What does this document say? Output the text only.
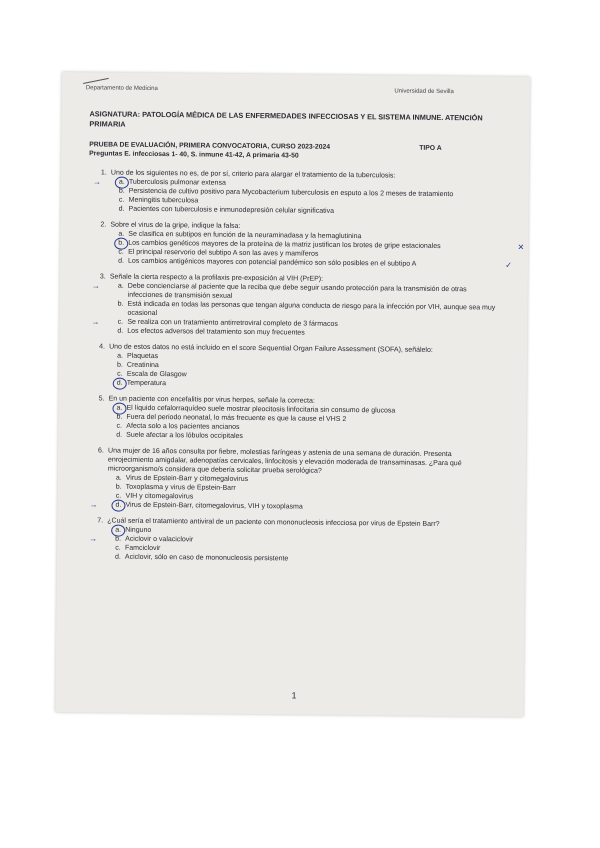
Departamento de Medicina	Universidad de Sevilla
ASIGNATURA: PATOLOGÍA MÉDICA DE LAS ENFERMEDADES INFECCIOSAS Y EL SISTEMA INMUNE. ATENCIÓN PRIMARIA
PRUEBA DE EVALUACIÓN, PRIMERA CONVOCATORIA, CURSO 2023-2024	TIPO A
Preguntas E. infecciosas 1- 40, S. inmune 41-42, A primaria 43-50
1. Uno de los siguientes no es, de por sí, criterio para alargar el tratamiento de la tuberculosis:
→	a. Tuberculosis pulmonar extensa
b. Persistencia de cultivo positivo para Mycobacterium tuberculosis en esputo a los 2 meses de tratamiento
c. Meningitis tuberculosa
d. Pacientes con tuberculosis e inmunodepresión celular significativa
2. Sobre el virus de la gripe, indique la falsa:
a. Se clasifica en subtipos en función de la neuraminadasa y la hemaglutinina
b. Los cambios genéticos mayores de la proteína de la matriz justifican los brotes de gripe estacionales	✕
c. El principal reservorio del subtipo A son las aves y mamíferos
d. Los cambios antigénicos mayores con potencial pandémico son sólo posibles en el subtipo A	✓
3. Señale la cierta respecto a la profilaxis pre-exposición al VIH (PrEP):
→	a. Debe concienciarse al paciente que la reciba que debe seguir usando protección para la transmisión de otras infecciones de transmisión sexual
b. Está indicada en todas las personas que tengan alguna conducta de riesgo para la infección por VIH, aunque sea muy ocasional
→	c. Se realiza con un tratamiento antirretroviral completo de 3 fármacos
d. Los efectos adversos del tratamiento son muy frecuentes
4. Uno de estos datos no está incluido en el score Sequential Organ Failure Assessment (SOFA), señálelo:
a. Plaquetas
b. Creatinina
c. Escala de Glasgow
d. Temperatura
5. En un paciente con encefalitis por virus herpes, señale la correcta:
a. El líquido cefalorraquídeo suele mostrar pleocitosis linfocitaria sin consumo de glucosa
b. Fuera del periodo neonatal, lo más frecuente es que la cause el VHS 2
c. Afecta solo a los pacientes ancianos
d. Suele afectar a los lóbulos occipitales
6. Una mujer de 16 años consulta por fiebre, molestias faríngeas y astenia de una semana de duración. Presenta enrojecimiento amigdalar, adenopatías cervicales, linfocitosis y elevación moderada de transaminasas. ¿Para qué microorganismo/s considera que debería solicitar prueba serológica?
a. Virus de Epstein-Barr y citomegalovirus
b. Toxoplasma y virus de Epstein-Barr
c. VIH y citomegalovirus
→	d. Virus de Epstein-Barr, citomegalovirus, VIH y toxoplasma
7. ¿Cuál sería el tratamiento antiviral de un paciente con mononucleosis infecciosa por virus de Epstein Barr?
a. Ninguno
→	b. Aciclovir o valaciclovir
c. Famciclovir
d. Aciclovir, sólo en caso de mononucleosis persistente
1
